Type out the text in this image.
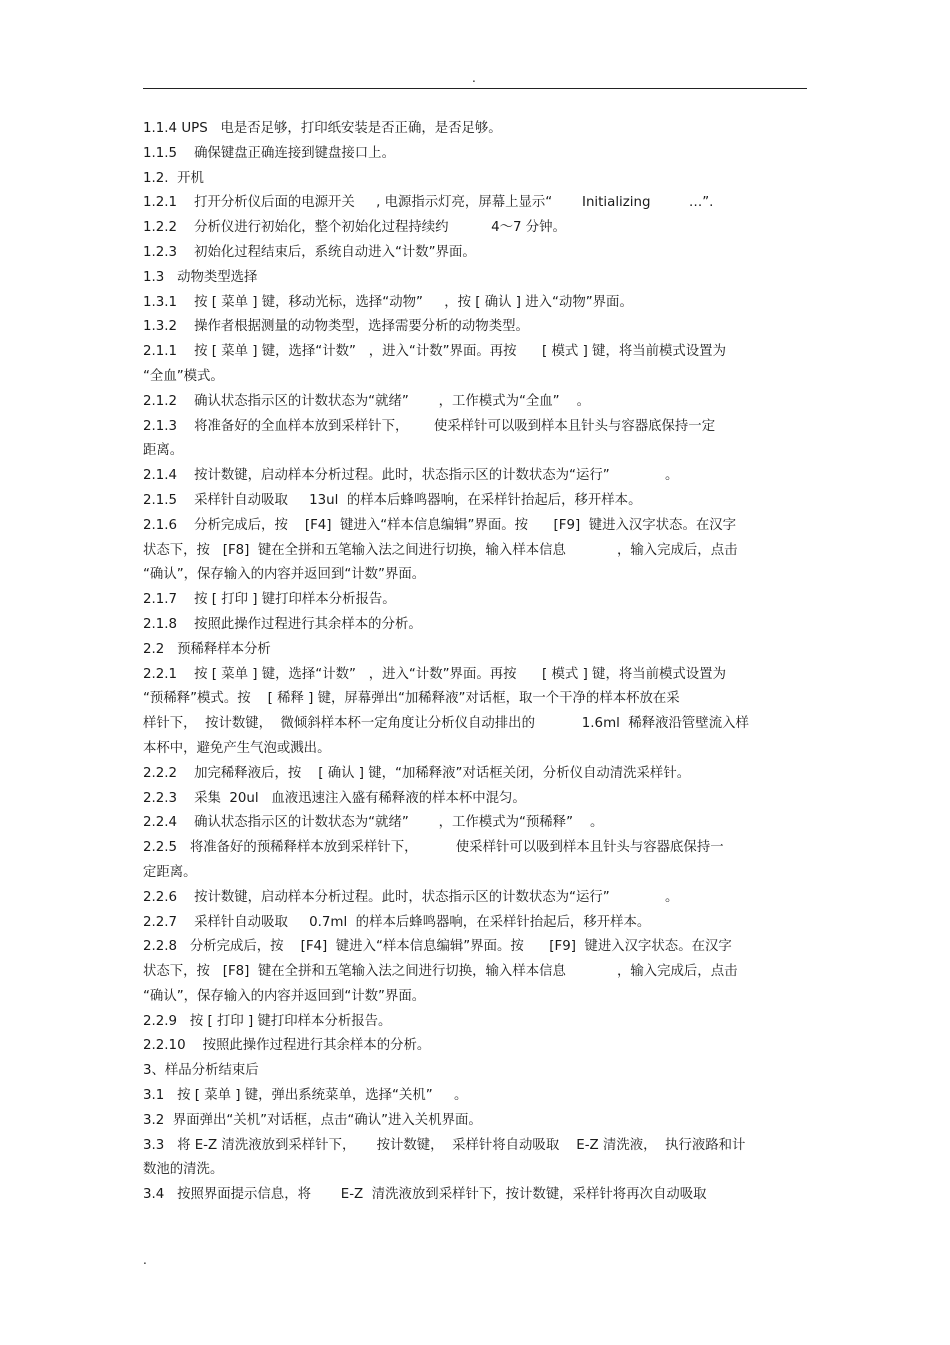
.
1.1.4 UPS   电是否足够，打印纸安装是否正确，是否足够。
1.1.5    确保键盘正确连接到键盘接口上。
1.2.  开机
1.2.1    打开分析仪后面的电源开关     , 电源指示灯亮，屏幕上显示“       Initializing         …”.
1.2.2    分析仪进行初始化，整个初始化过程持续约          4～7 分钟。
1.2.3    初始化过程结束后，系统自动进入“计数”界面。
1.3   动物类型选择
1.3.1    按 [ 菜单 ] 键，移动光标，选择“动物”     ，按 [ 确认 ] 进入“动物”界面。
1.3.2    操作者根据测量的动物类型，选择需要分析的动物类型。
2.1.1    按 [ 菜单 ] 键，选择“计数”   ，进入“计数”界面。再按      [ 模式 ] 键，将当前模式设置为
“全血”模式。
2.1.2    确认状态指示区的计数状态为“就绪”       ，工作模式为“全血”    。
2.1.3    将准备好的全血样本放到采样针下，      使采样针可以吸到样本且针头与容器底保持一定
距离。
2.1.4    按计数键，启动样本分析过程。此时，状态指示区的计数状态为“运行”             。
2.1.5    采样针自动吸取     13ul  的样本后蜂鸣器响，在采样针抬起后，移开样本。
2.1.6    分析完成后，按    [F4]  键进入“样本信息编辑”界面。按      [F9]  键进入汉字状态。在汉字
状态下，按   [F8]  键在全拼和五笔输入法之间进行切换，输入样本信息            ，输入完成后，点击
“确认”，保存输入的内容并返回到“计数”界面。
2.1.7    按 [ 打印 ] 键打印样本分析报告。
2.1.8    按照此操作过程进行其余样本的分析。
2.2   预稀释样本分析
2.2.1    按 [ 菜单 ] 键，选择“计数”   ，进入“计数”界面。再按      [ 模式 ] 键，将当前模式设置为
“预稀释”模式。按    [ 稀释 ] 键，屏幕弹出“加稀释液”对话框，取一个干净的样本杯放在采
样针下，  按计数键，  微倾斜样本杯一定角度让分析仪自动排出的           1.6ml  稀释液沿管壁流入样
本杯中，避免产生气泡或溅出。
2.2.2    加完稀释液后，按    [ 确认 ] 键，“加稀释液”对话框关闭，分析仪自动清洗采样针。
2.2.3    采集  20ul   血液迅速注入盛有稀释液的样本杯中混匀。
2.2.4    确认状态指示区的计数状态为“就绪”       ，工作模式为“预稀释”    。
2.2.5   将准备好的预稀释样本放到采样针下，         使采样针可以吸到样本且针头与容器底保持一
定距离。
2.2.6    按计数键，启动样本分析过程。此时，状态指示区的计数状态为“运行”             。
2.2.7    采样针自动吸取     0.7ml  的样本后蜂鸣器响，在采样针抬起后，移开样本。
2.2.8   分析完成后，按    [F4]  键进入“样本信息编辑”界面。按      [F9]  键进入汉字状态。在汉字
状态下，按   [F8]  键在全拼和五笔输入法之间进行切换，输入样本信息            ，输入完成后，点击
“确认”，保存输入的内容并返回到“计数”界面。
2.2.9   按 [ 打印 ] 键打印样本分析报告。
2.2.10    按照此操作过程进行其余样本的分析。
3、样品分析结束后
3.1   按 [ 菜单 ] 键，弹出系统菜单，选择“关机”     。
3.2  界面弹出“关机”对话框，点击“确认”进入关机界面。
3.3   将 E-Z 清洗液放到采样针下，     按计数键，  采样针将自动吸取    E-Z 清洗液，  执行液路和计
数池的清洗。
3.4   按照界面提示信息，将       E-Z  清洗液放到采样针下，按计数键，采样针将再次自动吸取
.
